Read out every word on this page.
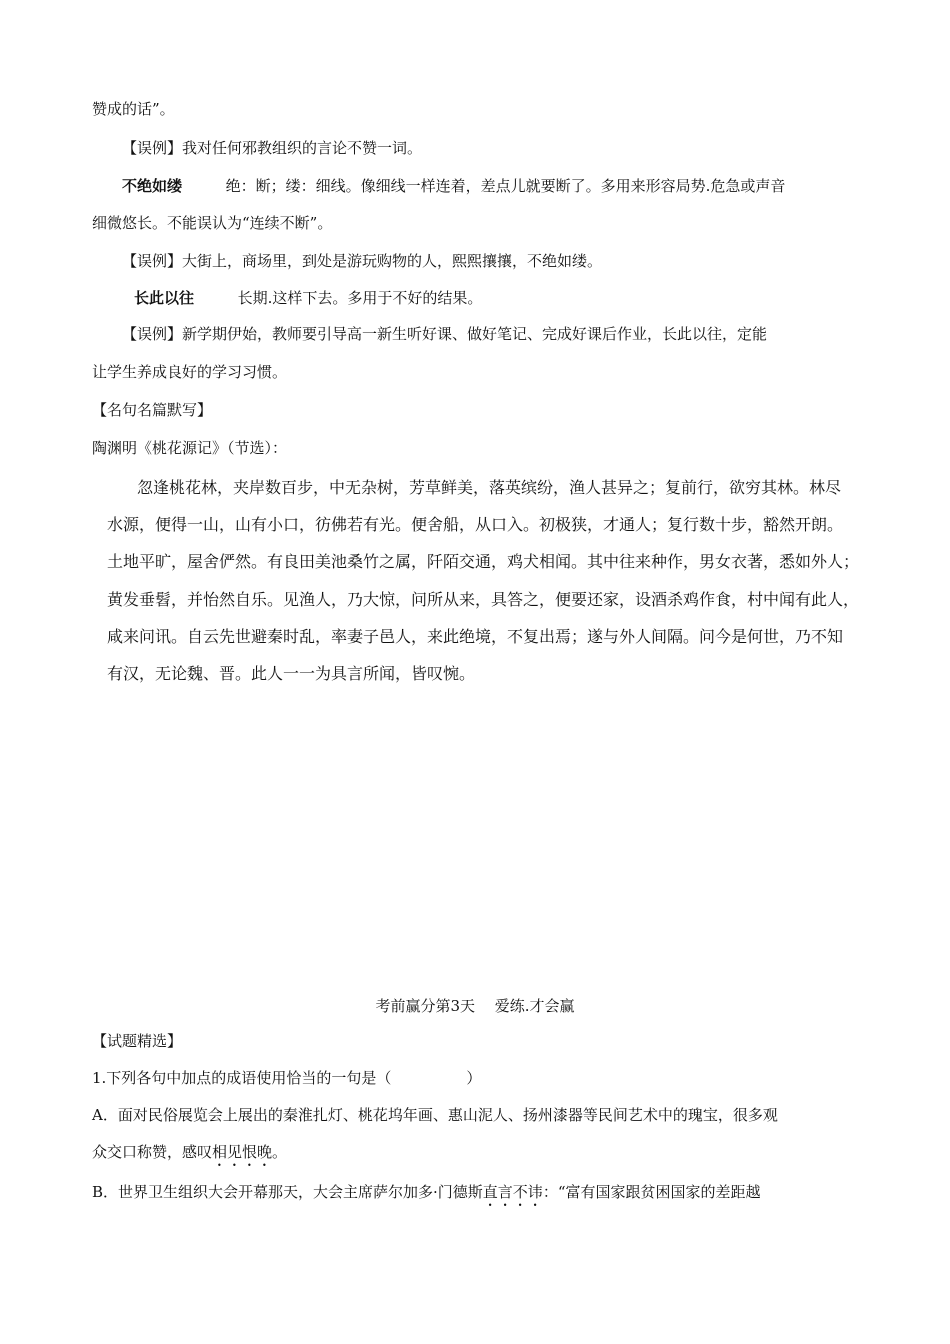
赞成的话”。
【误例】我对任何邪教组织的言论不赞一词。
不绝如缕	绝：断；缕：细线。像细线一样连着，差点儿就要断了。多用来形容局势.危急或声音
细微悠长。不能误认为“连续不断”。
【误例】大街上，商场里，到处是游玩购物的人，熙熙攘攘，不绝如缕。
长此以往	长期.这样下去。多用于不好的结果。
【误例】新学期伊始，教师要引导高一新生听好课、做好笔记、完成好课后作业，长此以往，定能
让学生养成良好的学习习惯。
【名句名篇默写】
陶渊明《桃花源记》（节选）：
忽逢桃花林，夹岸数百步，中无杂树，芳草鲜美，落英缤纷，渔人甚异之；复前行，欲穷其林。林尽
水源，便得一山，山有小口，彷佛若有光。便舍船，从口入。初极狭，才通人；复行数十步，豁然开朗。
土地平旷，屋舍俨然。有良田美池桑竹之属，阡陌交通，鸡犬相闻。其中往来种作，男女衣著，悉如外人；
黄发垂髫，并怡然自乐。见渔人，乃大惊，问所从来，具答之，便要还家，设酒杀鸡作食，村中闻有此人，
咸来问讯。自云先世避秦时乱，率妻子邑人，来此绝境，不复出焉；遂与外人间隔。问今是何世，乃不知
有汉，无论魏、晋。此人一一为具言所闻，皆叹惋。
考前赢分第3天　 爱练.才会赢
【试题精选】
1.下列各句中加点的成语使用恰当的一句是（　　　　　）
A．面对民俗展览会上展出的秦淮扎灯、桃花坞年画、惠山泥人、扬州漆器等民间艺术中的瑰宝，很多观
众交口称赞，感叹相见恨晚。
B．世界卫生组织大会开幕那天，大会主席萨尔加多·门德斯直言不讳：“富有国家跟贫困国家的差距越
